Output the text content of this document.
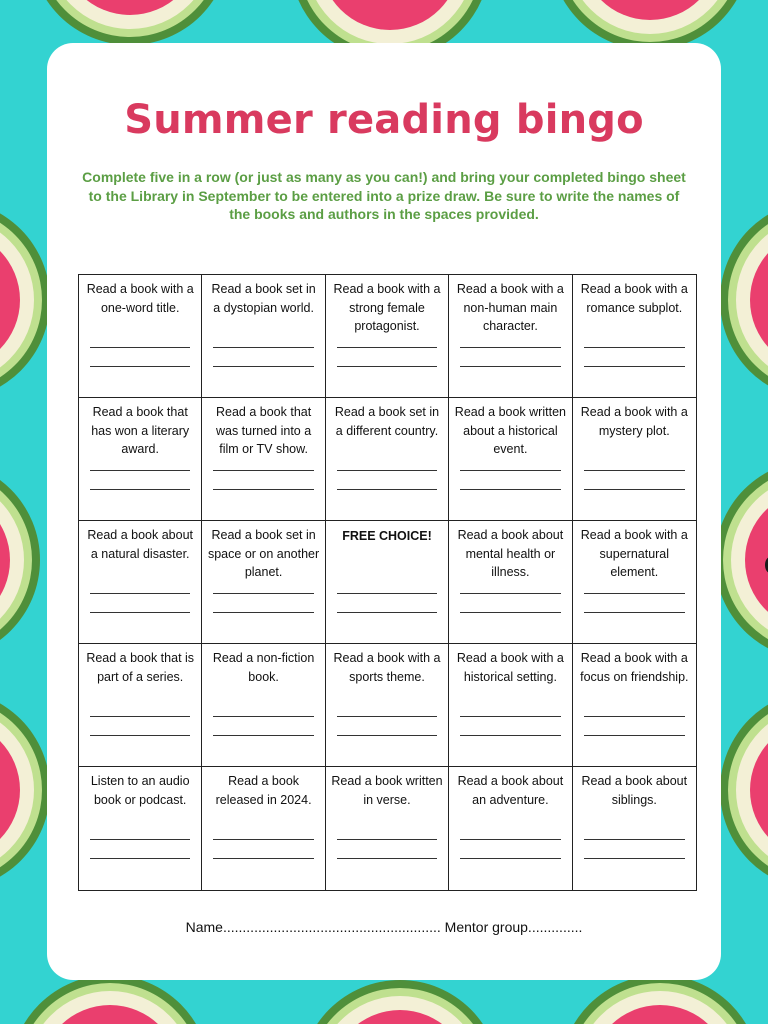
Summer reading bingo
Complete five in a row (or just as many as you can!) and bring your completed bingo sheet to the Library in September to be entered into a prize draw. Be sure to write the names of the books and authors in the spaces provided.
Read a book with a one-word title.
Read a book set in a dystopian world.
Read a book with a strong female protagonist.
Read a book with a non-human main character.
Read a book with a romance subplot.
Read a book that has won a literary award.
Read a book that was turned into a film or TV show.
Read a book set in a different country.
Read a book written about a historical event.
Read a book with a mystery plot.
Read a book about a natural disaster.
Read a book set in space or on another planet.
FREE CHOICE!	Read a book about mental health or illness.
Read a book with a supernatural element.
Read a book that is part of a series.
Read a non-fiction book.
Read a book with a sports theme.
Read a book with a historical setting.
Read a book with a focus on friendship.
Listen to an audio book or podcast.
Read a book released in 2024.
Read a book written in verse.
Read a book about an adventure.
Read a book about siblings.
Name........................................................ Mentor group..............
